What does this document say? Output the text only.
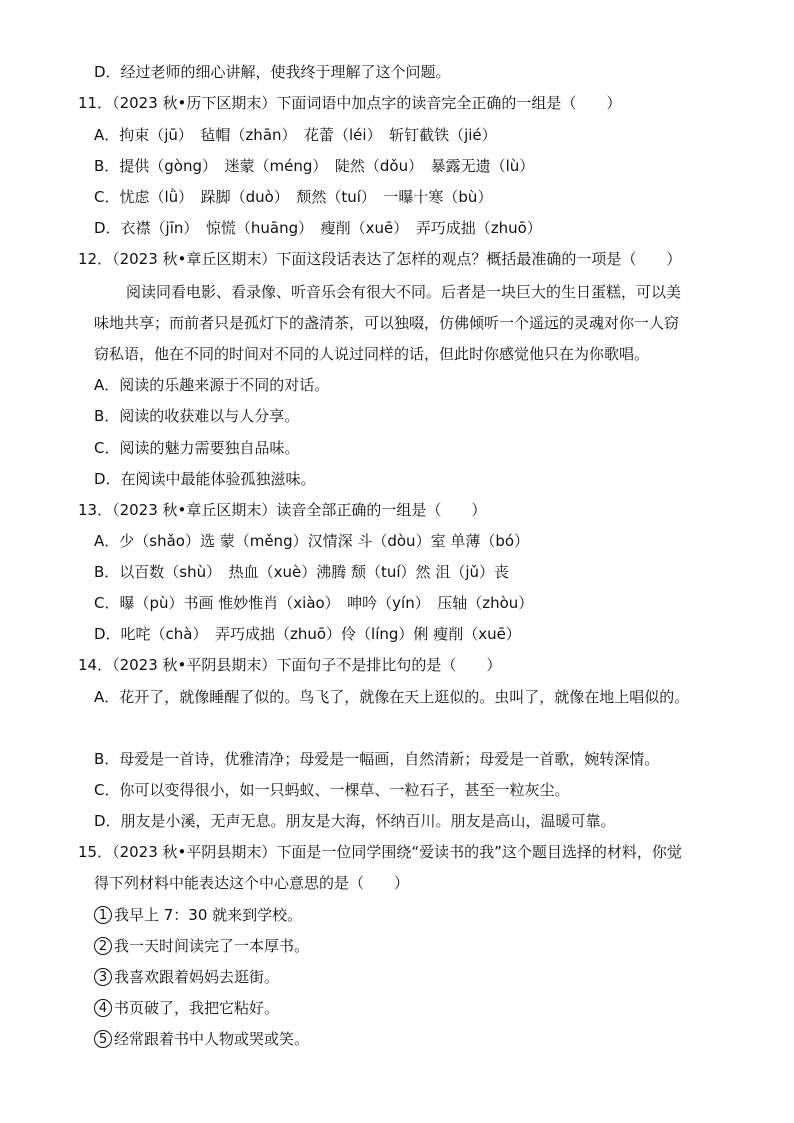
D．经过老师的细心讲解，使我终于理解了这个问题。
11．（2023 秋•历下区期末）下面词语中加点字的读音完全正确的一组是（　　）
A．拘束（jū）　毡帽（zhān）　花蕾（léi）　斩钉截铁（jié）
B．提供（gòng）　迷蒙（méng）　陡然（dǒu）　暴露无遗（lù）
C．忧虑（lǜ）　跺脚（duò）　颓然（tuí）　一曝十寒（bù）
D．衣襟（jīn）　惊慌（huāng）　瘦削（xuē）　弄巧成拙（zhuō）
12．（2023 秋•章丘区期末）下面这段话表达了怎样的观点？概括最准确的一项是（　　）
阅读同看电影、看录像、听音乐会有很大不同。后者是一块巨大的生日蛋糕，可以美
味地共享；而前者只是孤灯下的盏清茶，可以独啜，仿佛倾听一个遥远的灵魂对你一人窃
窃私语，他在不同的时间对不同的人说过同样的话，但此时你感觉他只在为你歌唱。
A．阅读的乐趣来源于不同的对话。
B．阅读的收获难以与人分享。
C．阅读的魅力需要独自品味。
D．在阅读中最能体验孤独滋味。
13．（2023 秋•章丘区期末）读音全部正确的一组是（　　）
A．少（shǎo）选 蒙（měng）汉情深 斗（dòu）室 单薄（bó）
B．以百数（shù）　热血（xuè）沸腾 颓（tuí）然 沮（jǔ）丧
C．曝（pù）书画 惟妙惟肖（xiào）　呻吟（yín）　压轴（zhòu）
D．叱咤（chà）　弄巧成拙（zhuō）伶（líng）俐 瘦削（xuē）
14．（2023 秋•平阴县期末）下面句子不是排比句的是（　　）
A．花开了，就像睡醒了似的。鸟飞了，就像在天上逛似的。虫叫了，就像在地上唱似的。
B．母爱是一首诗，优雅清净；母爱是一幅画，自然清新；母爱是一首歌，婉转深情。
C．你可以变得很小，如一只蚂蚁、一棵草、一粒石子，甚至一粒灰尘。
D．朋友是小溪，无声无息。朋友是大海，怀纳百川。朋友是高山，温暖可靠。
15．（2023 秋•平阴县期末）下面是一位同学围绕“爱读书的我”这个题目选择的材料，你觉
得下列材料中能表达这个中心意思的是（　　）
1 我早上 7：30 就来到学校。
2 我一天时间读完了一本厚书。
3 我喜欢跟着妈妈去逛街。
4 书页破了，我把它粘好。
5 经常跟着书中人物或哭或笑。
